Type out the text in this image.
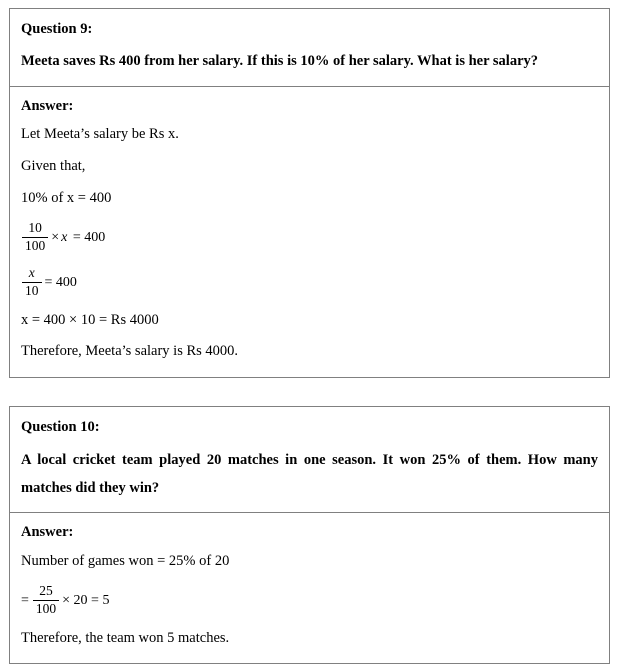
Question 9:

Meeta saves Rs 400 from her salary. If this is 10% of her salary. What is her salary?

Answer:

Let Meeta’s salary be Rs x.

Given that,

10% of x = 400

$\frac{10}{100} \times x = 400$
$\frac{x}{10} = 400$

x = 400 × 10 = Rs 4000

Therefore, Meeta’s salary is Rs 4000.

Question 10:

A local cricket team played 20 matches in one season. It won 25% of them. How many matches did they win?

Answer:

Number of games won = 25% of 20

= $\frac{25}{100} \times 20 = 5$

Therefore, the team won 5 matches.
